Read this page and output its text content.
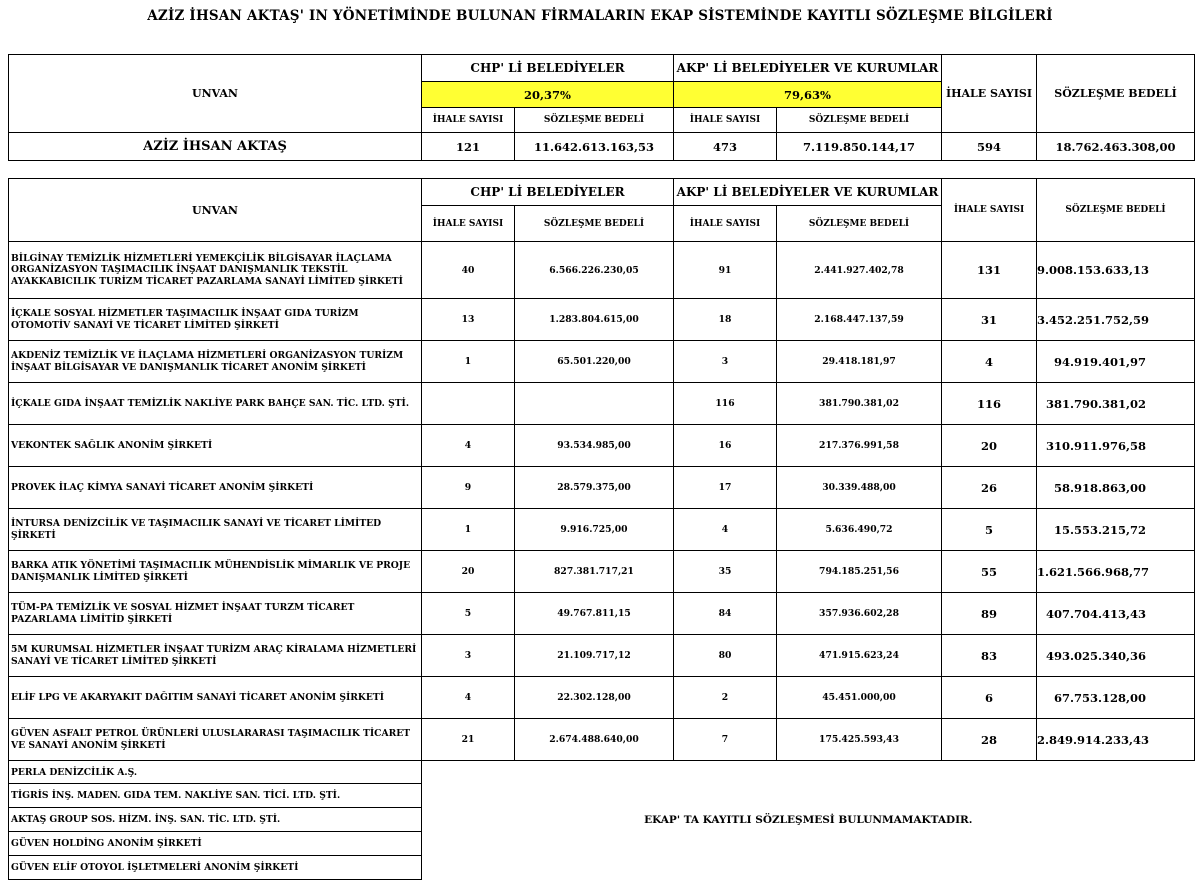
AZİZ İHSAN AKTAŞ' IN YÖNETİMİNDE BULUNAN FİRMALARIN EKAP SİSTEMİNDE KAYITLI SÖZLEŞME BİLGİLERİ
UNVAN	CHP' Lİ BELEDİYELER		AKP' Lİ BELEDİYELER VE KURUMLAR		İHALE SAYISI	SÖZLEŞME BEDELİ
	20,37%		79,63%			
	İHALE SAYISI	SÖZLEŞME BEDELİ	İHALE SAYISI	SÖZLEŞME BEDELİ		
AZİZ İHSAN AKTAŞ	121	11.642.613.163,53	473	7.119.850.144,17	594	18.762.463.308,00
UNVAN	CHP' Lİ BELEDİYELER		AKP' Lİ BELEDİYELER VE KURUMLAR		İHALE SAYISI	SÖZLEŞME BEDELİ
	İHALE SAYISI	SÖZLEŞME BEDELİ	İHALE SAYISI	SÖZLEŞME BEDELİ		
BİLGİNAY TEMİZLİK HİZMETLERİ YEMEKÇİLİK BİLGİSAYAR İLAÇLAMA ORGANİZASYON TAŞIMACILIK İNŞAAT DANIŞMANLIK TEKSTİL AYAKKABICILIK TURİZM TİCARET PAZARLAMA SANAYİ LİMİTED ŞİRKETİ	40	6.566.226.230,05	91	2.441.927.402,78	131	9.008.153.633,13
İÇKALE SOSYAL HİZMETLER TAŞIMACILIK İNŞAAT GIDA TURİZM OTOMOTİV SANAYİ VE TİCARET LİMİTED ŞİRKETİ	13	1.283.804.615,00	18	2.168.447.137,59	31	3.452.251.752,59
AKDENİZ TEMİZLİK VE İLAÇLAMA HİZMETLERİ ORGANİZASYON TURİZM İNŞAAT BİLGİSAYAR VE DANIŞMANLIK TİCARET ANONİM ŞİRKETİ	1	65.501.220,00	3	29.418.181,97	4	94.919.401,97
İÇKALE GIDA İNŞAAT TEMİZLİK NAKLİYE PARK BAHÇE SAN. TİC. LTD. ŞTİ.			116	381.790.381,02	116	381.790.381,02
VEKONTEK SAĞLIK ANONİM ŞİRKETİ	4	93.534.985,00	16	217.376.991,58	20	310.911.976,58
PROVEK İLAÇ KİMYA SANAYİ TİCARET ANONİM ŞİRKETİ	9	28.579.375,00	17	30.339.488,00	26	58.918.863,00
İNTURSA DENİZCİLİK VE TAŞIMACILIK SANAYİ VE TİCARET LİMİTED ŞİRKETİ	1	9.916.725,00	4	5.636.490,72	5	15.553.215,72
BARKA ATIK YÖNETİMİ TAŞIMACILIK MÜHENDİSLİK MİMARLIK VE PROJE DANIŞMANLIK LİMİTED ŞİRKETİ	20	827.381.717,21	35	794.185.251,56	55	1.621.566.968,77
TÜM-PA TEMİZLİK VE SOSYAL HİZMET İNŞAAT TURZM TİCARET PAZARLAMA LİMİTİD ŞİRKETİ	5	49.767.811,15	84	357.936.602,28	89	407.704.413,43
5M KURUMSAL HİZMETLER İNŞAAT TURİZM ARAÇ KİRALAMA HİZMETLERİ SANAYİ VE TİCARET LİMİTED ŞİRKETİ	3	21.109.717,12	80	471.915.623,24	83	493.025.340,36
ELİF LPG VE AKARYAKIT DAĞITIM SANAYİ TİCARET ANONİM ŞİRKETİ	4	22.302.128,00	2	45.451.000,00	6	67.753.128,00
GÜVEN ASFALT PETROL ÜRÜNLERİ ULUSLARARASI TAŞIMACILIK TİCARET VE SANAYİ ANONİM ŞİRKETİ	21	2.674.488.640,00	7	175.425.593,43	28	2.849.914.233,43
PERLA DENİZCİLİK A.Ş.	EKAP' TA KAYITLI SÖZLEŞMESİ BULUNMAMAKTADIR.					
TİGRİS İNŞ. MADEN. GIDA TEM. NAKLİYE SAN. TİCİ. LTD. ŞTİ.						
AKTAŞ GROUP SOS. HİZM. İNŞ. SAN. TİC. LTD. ŞTİ.						
GÜVEN HOLDİNG ANONİM ŞİRKETİ						
GÜVEN ELİF OTOYOL İŞLETMELERİ ANONİM ŞİRKETİ						
